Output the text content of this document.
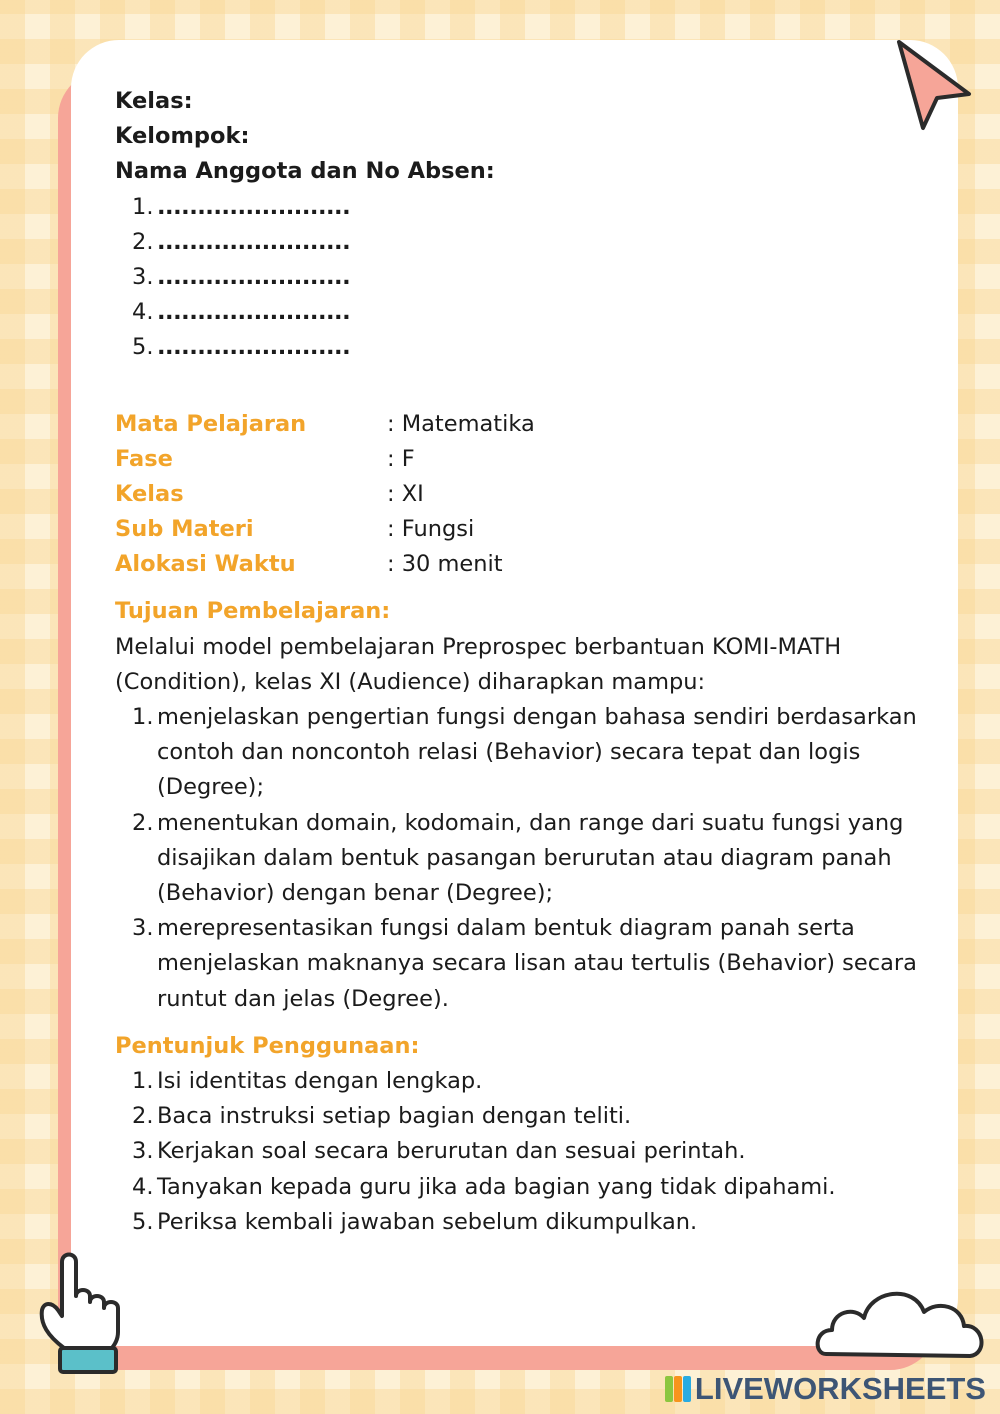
Kelas:
Kelompok:
Nama Anggota dan No Absen:
1. ........................
2. ........................
3. ........................
4. ........................
5. ........................
Mata Pelajaran	: Matematika
Fase	: F
Kelas	: XI
Sub Materi	: Fungsi
Alokasi Waktu	: 30 menit
Tujuan Pembelajaran:
Melalui model pembelajaran Preprospec berbantuan KOMI-MATH (Condition), kelas XI (Audience) diharapkan mampu:
1. menjelaskan pengertian fungsi dengan bahasa sendiri berdasarkan contoh dan noncontoh relasi (Behavior) secara tepat dan logis (Degree);
2. menentukan domain, kodomain, dan range dari suatu fungsi yang disajikan dalam bentuk pasangan berurutan atau diagram panah (Behavior) dengan benar (Degree);
3. merepresentasikan fungsi dalam bentuk diagram panah serta menjelaskan maknanya secara lisan atau tertulis (Behavior) secara runtut dan jelas (Degree).
Pentunjuk Penggunaan:
1. Isi identitas dengan lengkap.
2. Baca instruksi setiap bagian dengan teliti.
3. Kerjakan soal secara berurutan dan sesuai perintah.
4. Tanyakan kepada guru jika ada bagian yang tidak dipahami.
5. Periksa kembali jawaban sebelum dikumpulkan.
LIVEWORKSHEETS
